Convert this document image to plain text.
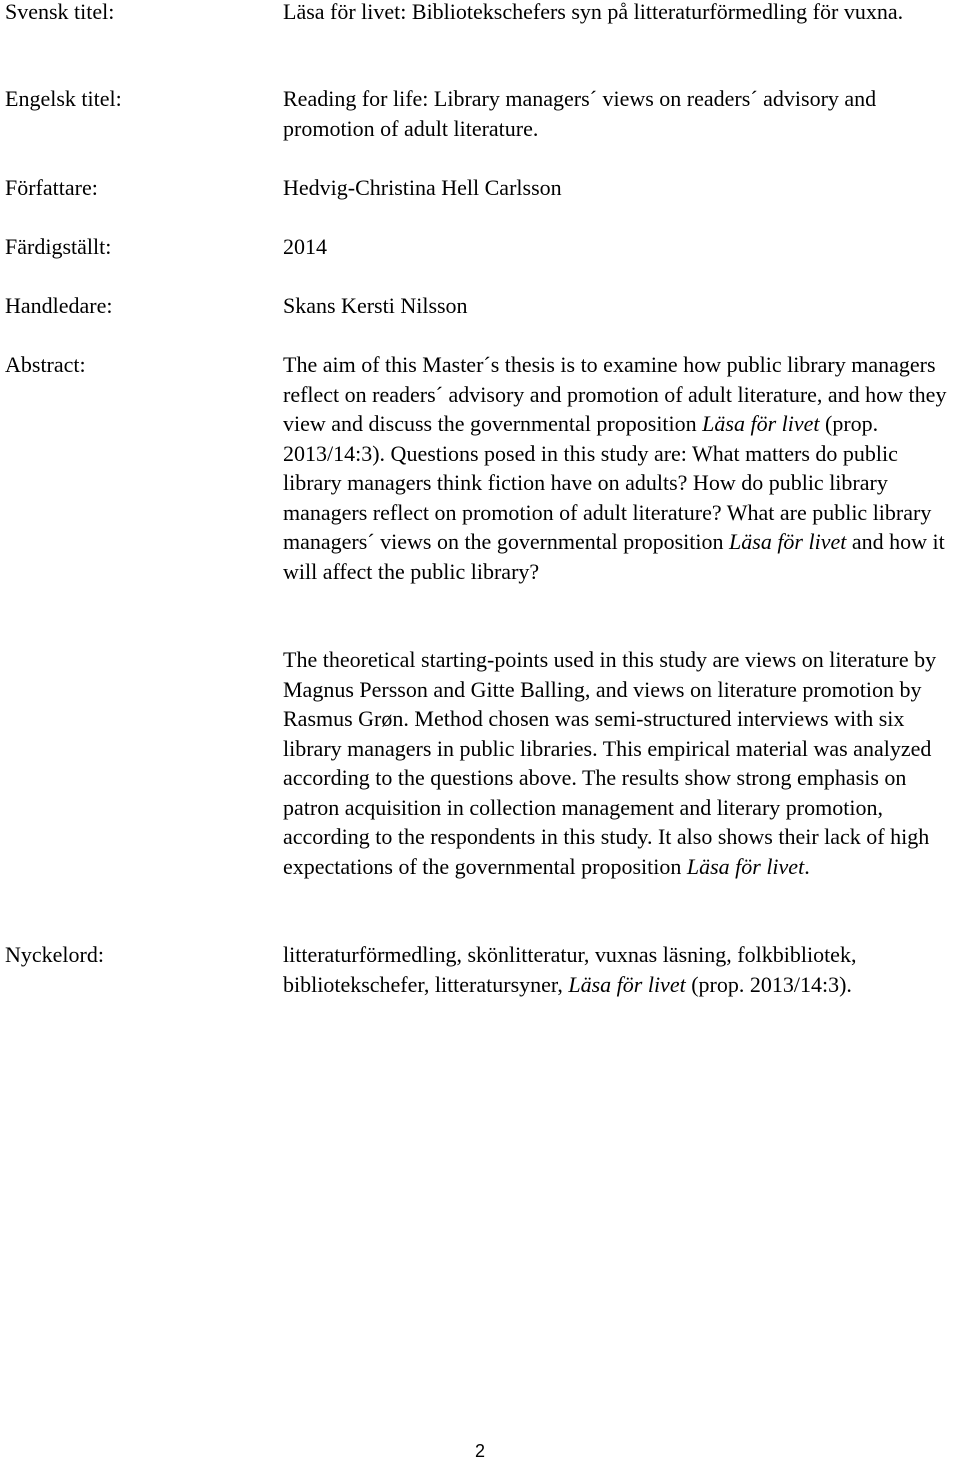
Svensk titel:	Läsa för livet: Bibliotekschefers syn på litteraturförmedling för vuxna.
Engelsk titel:	Reading for life: Library managers´ views on readers´ advisory and promotion of adult literature.
Författare:	Hedvig-Christina Hell Carlsson
Färdigställt:	2014
Handledare:	Skans Kersti Nilsson
Abstract:	The aim of this Master´s thesis is to examine how public library managers reflect on readers´ advisory and promotion of adult literature, and how they view and discuss the governmental proposition Läsa för livet (prop. 2013/14:3). Questions posed in this study are: What matters do public library managers think fiction have on adults? How do public library managers reflect on promotion of adult literature? What are public library managers´ views on the governmental proposition Läsa för livet and how it will affect the public library?

The theoretical starting-points used in this study are views on literature by Magnus Persson and Gitte Balling, and views on literature promotion by Rasmus Grøn. Method chosen was semi-structured interviews with six library managers in public libraries. This empirical material was analyzed according to the questions above. The results show strong emphasis on patron acquisition in collection management and literary promotion, according to the respondents in this study. It also shows their lack of high expectations of the governmental proposition Läsa för livet.

Nyckelord:	litteraturförmedling, skönlitteratur, vuxnas läsning, folkbibliotek, bibliotekschefer, litteratursyner, Läsa för livet (prop. 2013/14:3).
2
